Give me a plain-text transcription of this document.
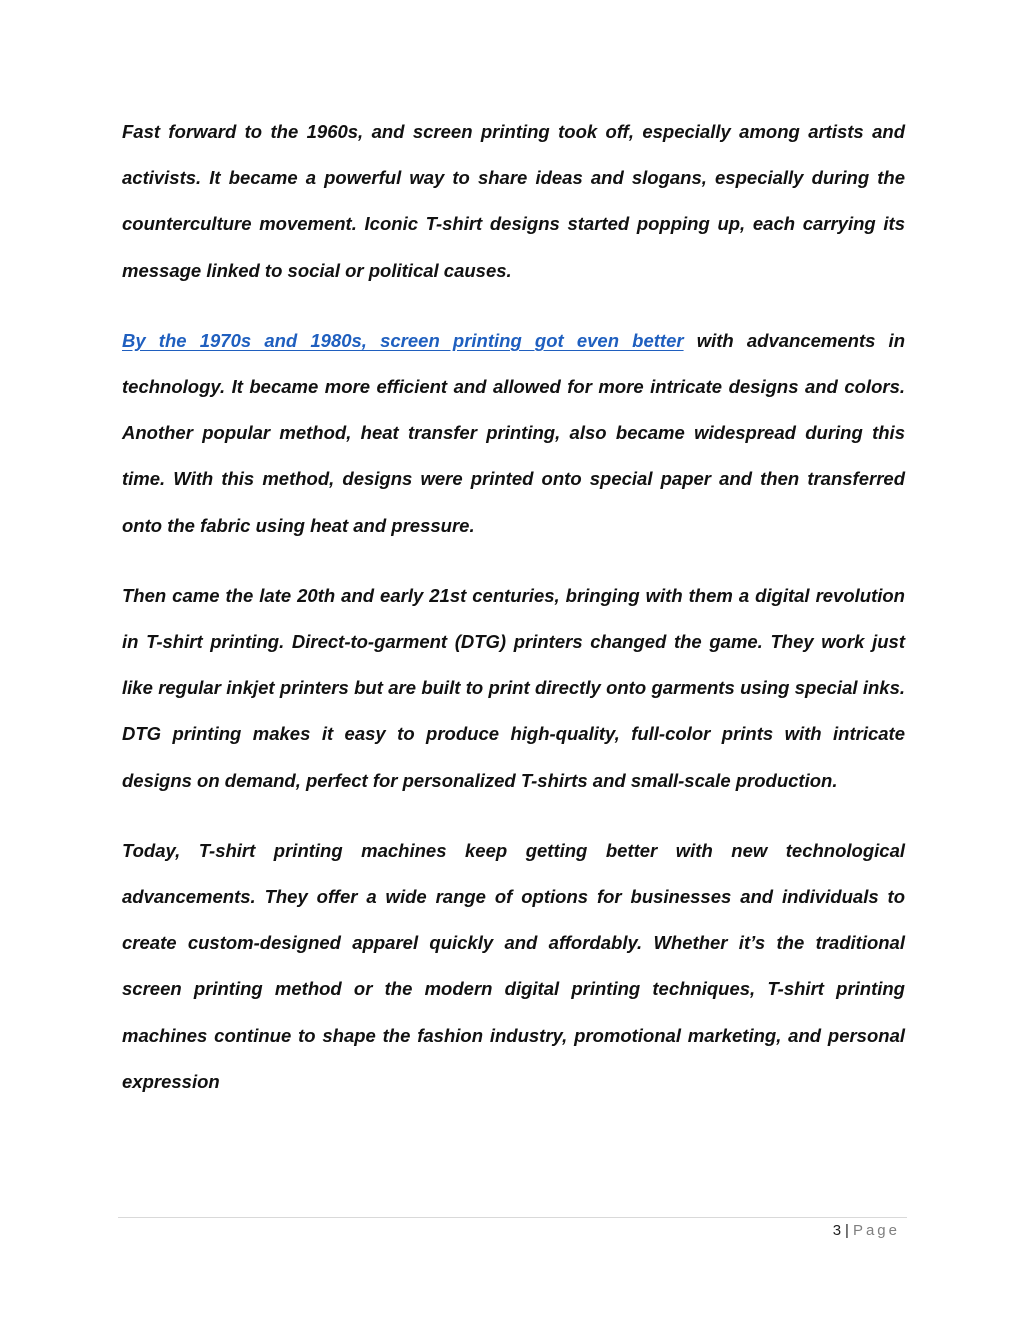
Fast forward to the 1960s, and screen printing took off, especially among artists and activists. It became a powerful way to share ideas and slogans, especially during the counterculture movement. Iconic T-shirt designs started popping up, each carrying its message linked to social or political causes.

By the 1970s and 1980s, screen printing got even better with advancements in technology. It became more efficient and allowed for more intricate designs and colors. Another popular method, heat transfer printing, also became widespread during this time. With this method, designs were printed onto special paper and then transferred onto the fabric using heat and pressure.

Then came the late 20th and early 21st centuries, bringing with them a digital revolution in T-shirt printing. Direct-to-garment (DTG) printers changed the game. They work just like regular inkjet printers but are built to print directly onto garments using special inks. DTG printing makes it easy to produce high-quality, full-color prints with intricate designs on demand, perfect for personalized T-shirts and small-scale production.

Today, T-shirt printing machines keep getting better with new technological advancements. They offer a wide range of options for businesses and individuals to create custom-designed apparel quickly and affordably. Whether it’s the traditional screen printing method or the modern digital printing techniques, T-shirt printing machines continue to shape the fashion industry, promotional marketing, and personal expression

3 | Page
